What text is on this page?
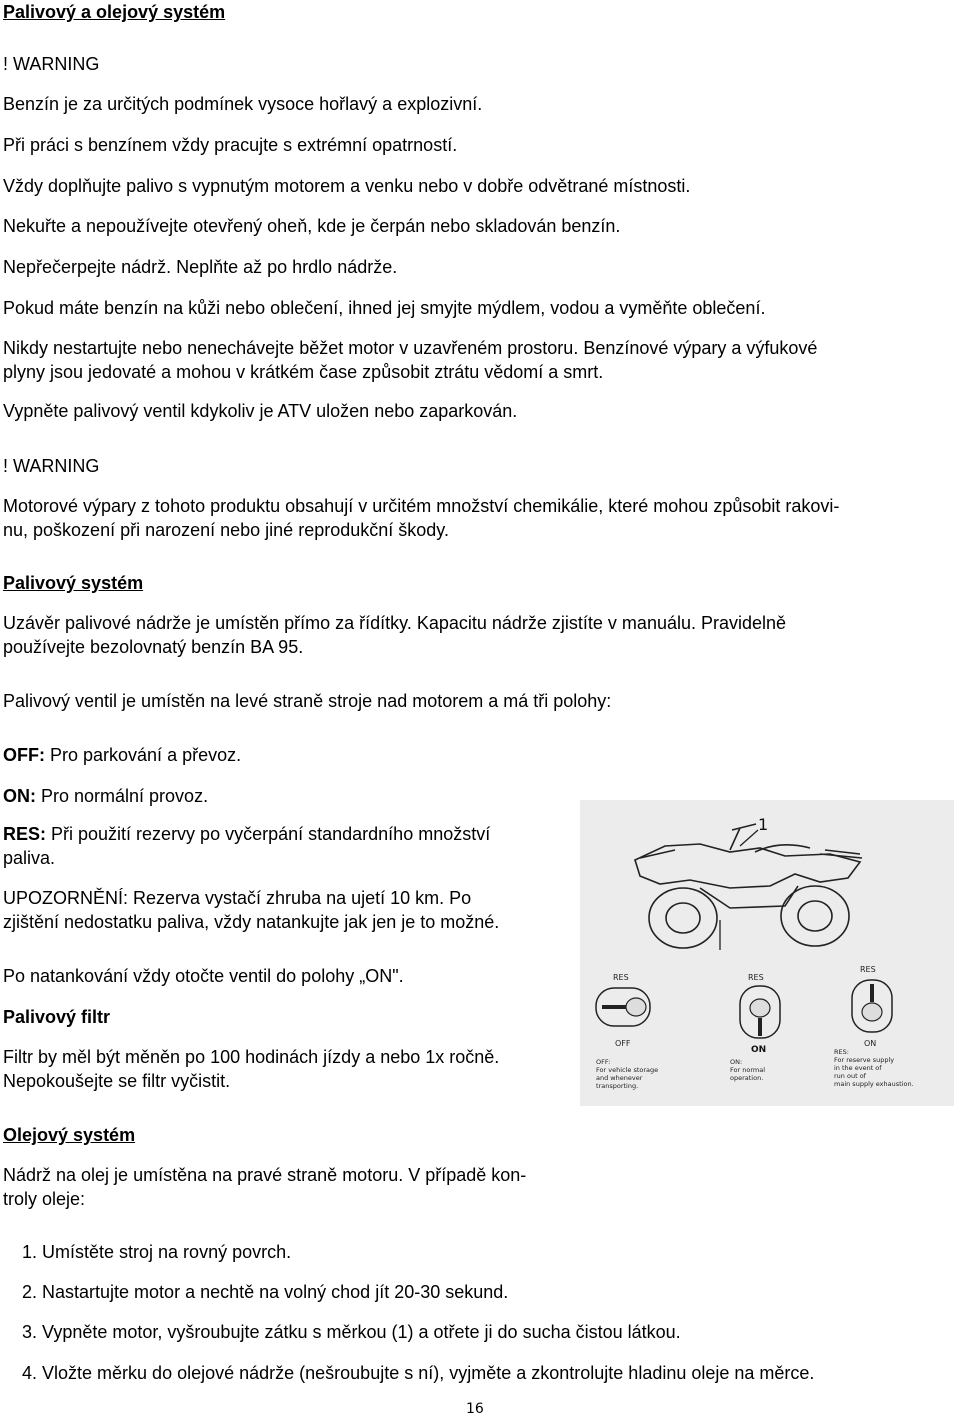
Palivový a olejový systém
! WARNING
Benzín je za určitých podmínek vysoce hořlavý a explozivní.
Při práci s benzínem vždy pracujte s extrémní opatrností.
Vždy doplňujte palivo s vypnutým motorem a venku nebo v dobře odvětrané místnosti.
Nekuřte a nepoužívejte otevřený oheň, kde je čerpán nebo skladován benzín.
Nepřečerpejte nádrž. Neplňte až po hrdlo nádrže.
Pokud máte benzín na kůži nebo oblečení, ihned jej smyjte mýdlem, vodou a vyměňte oblečení.
Nikdy nestartujte nebo nenechávejte běžet motor v uzavřeném prostoru. Benzínové výpary a výfukové
plyny jsou jedovaté a mohou v krátkém čase způsobit ztrátu vědomí a smrt.
Vypněte palivový ventil kdykoliv je ATV uložen nebo zaparkován.
! WARNING
Motorové výpary z tohoto produktu obsahují v určitém množství chemikálie, které mohou způsobit rakovi-
nu, poškození při narození nebo jiné reprodukční škody.
Palivový systém
Uzávěr palivové nádrže je umístěn přímo za řídítky. Kapacitu nádrže zjistíte v manuálu. Pravidelně
používejte bezolovnatý benzín BA 95.
Palivový ventil je umístěn na levé straně stroje nad motorem a má tři polohy:
OFF: Pro parkování a převoz.
ON: Pro normální provoz.
RES: Při použití rezervy po vyčerpání standardního množství
paliva.
UPOZORNĚNÍ: Rezerva vystačí zhruba na ujetí 10 km. Po
zjištění nedostatku paliva, vždy natankujte jak jen je to možné.
Po natankování vždy otočte ventil do polohy „ON".
Palivový filtr
Filtr by měl být měněn po 100 hodinách jízdy a nebo 1x ročně.
Nepokoušejte se filtr vyčistit.
Olejový systém
Nádrž na olej je umístěna na pravé straně motoru. V případě kon-
troly oleje:
1. Umístěte stroj na rovný povrch.
2. Nastartujte motor a nechtě na volný chod jít 20-30 sekund.
3. Vypněte motor, vyšroubujte zátku s měrkou (1) a otřete ji do sucha čistou látkou.
4. Vložte měrku do olejové nádrže (nešroubujte s ní), vyjměte a zkontrolujte hladinu oleje na měrce.
1
RES
OFF
OFF:
For vehicle storage
and whenever
transporting.
RES
ON
ON:
For normal
operation.
RES
ON
RES:
For reserve supply
in the event of
run out of
main supply exhaustion.
16
